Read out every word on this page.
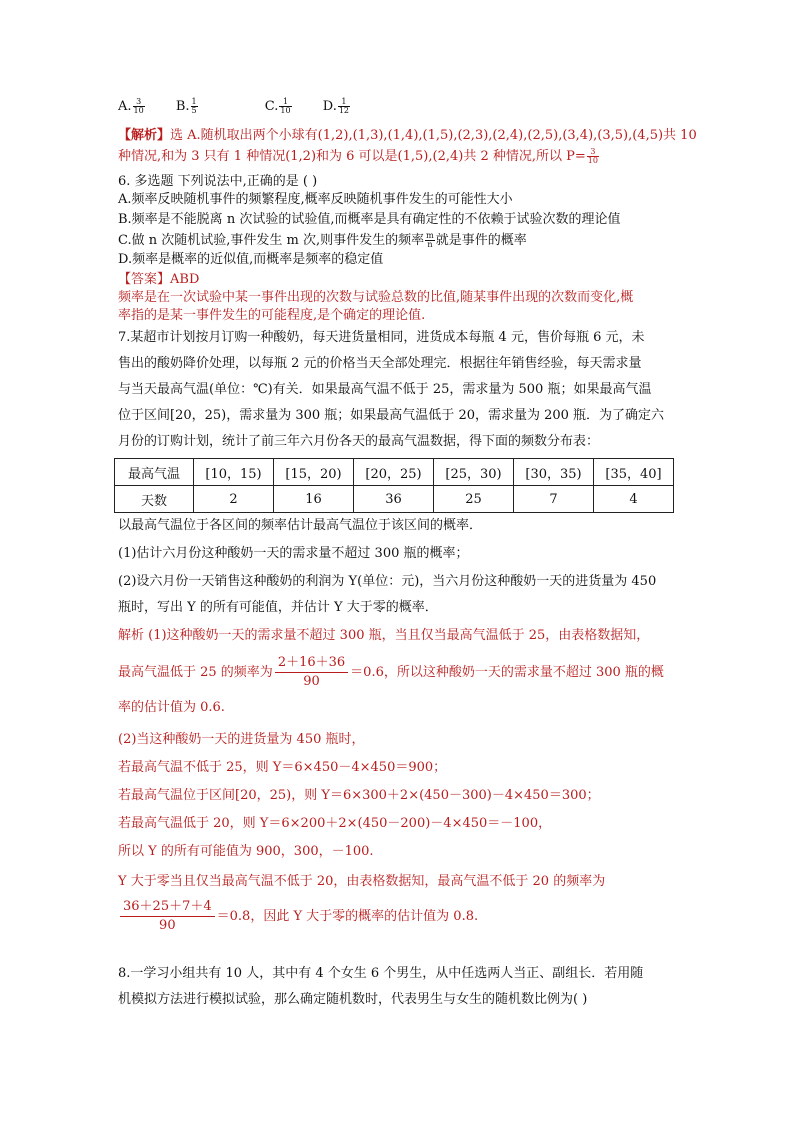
A. $\frac{3}{10} B$. $\frac{1}{5}$	C. $\frac{1}{10} D$. $\frac{1}{12}$
【解析】选 A.随机取出两个小球有(1,2),(1,3),(1,4),(1,5),(2,3),(2,4),(2,5),(3,4),(3,5),(4,5)共 10
种情况,和为 3 只有 1 种情况(1,2)和为 6 可以是(1,5),(2,4)共 2 种情况,所以 $P= \frac{3}{10}$
6. 多选题 下列说法中,正确的是 ( )
A.频率反映随机事件的频繁程度,概率反映随机事件发生的可能性大小
B.频率是不能脱离 n 次试验的试验值,而概率是具有确定性的不依赖于试验次数的理论值
C.做 n 次随机试验,事件发生 m 次,则事件发生的频率 $\frac{m}{n}$ 就是事件的概率
D.频率是概率的近似值,而概率是频率的稳定值
【答案】ABD
频率是在一次试验中某一事件出现的次数与试验总数的比值,随某事件出现的次数而变化,概
率指的是某一事件发生的可能程度,是个确定的理论值.
7.某超市计划按月订购一种酸奶，每天进货量相同，进货成本每瓶 4 元，售价每瓶 6 元，未
售出的酸奶降价处理，以每瓶 2 元的价格当天全部处理完．根据往年销售经验，每天需求量
与当天最高气温(单位：℃)有关．如果最高气温不低于 25，需求量为 500 瓶；如果最高气温
位于区间[20，25)，需求量为 300 瓶；如果最高气温低于 20，需求量为 200 瓶．为了确定六
月份的订购计划，统计了前三年六月份各天的最高气温数据，得下面的频数分布表：
最高气温	[10，15)	[15，20)	[20，25)	[25，30)	[30，35)	[35，40]
天数	2	16	36	25	7	4
以最高气温位于各区间的频率估计最高气温位于该区间的概率．
(1)估计六月份这种酸奶一天的需求量不超过 300 瓶的概率；
(2)设六月份一天销售这种酸奶的利润为 Y(单位：元)，当六月份这种酸奶一天的进货量为 450
瓶时，写出 Y 的所有可能值，并估计 Y 大于零的概率．
解析 (1)这种酸奶一天的需求量不超过 300 瓶，当且仅当最高气温低于 25，由表格数据知，
最高气温低于 25 的频率为 $\frac{2+16+36}{90} =0.6$，所以这种酸奶一天的需求量不超过 300 瓶的概
率的估计值为 0.6.
(2)当这种酸奶一天的进货量为 450 瓶时，
若最高气温不低于 25，则 Y＝6×450－4×450＝900；
若最高气温位于区间[20，25)，则 Y＝6×300＋2×(450－300)－4×450＝300；
若最高气温低于 20，则 Y＝6×200＋2×(450－200)－4×450＝－100，
所以 Y 的所有可能值为 900，300，－100.
Y 大于零当且仅当最高气温不低于 20，由表格数据知，最高气温不低于 20 的频率为
$\frac{36+25+7+4}{90} =0.8$，因此 Y 大于零的概率的估计值为 0.8.
8.一学习小组共有 10 人，其中有 4 个女生 6 个男生，从中任选两人当正、副组长．若用随
机模拟方法进行模拟试验，那么确定随机数时，代表男生与女生的随机数比例为( )
